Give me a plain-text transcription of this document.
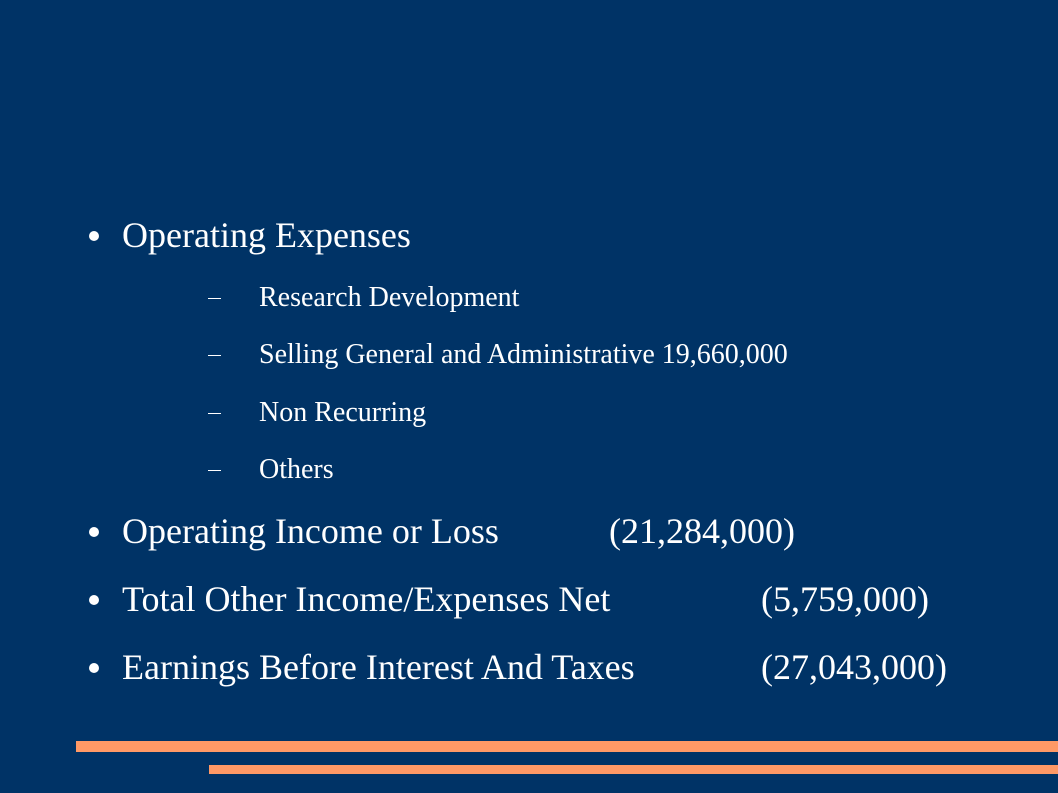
Operating Expenses
Research Development
Selling General and Administrative 19,660,000
Non Recurring
Others
Operating Income or Loss	(21,284,000)
Total Other Income/Expenses Net	(5,759,000)
Earnings Before Interest And Taxes	(27,043,000)
